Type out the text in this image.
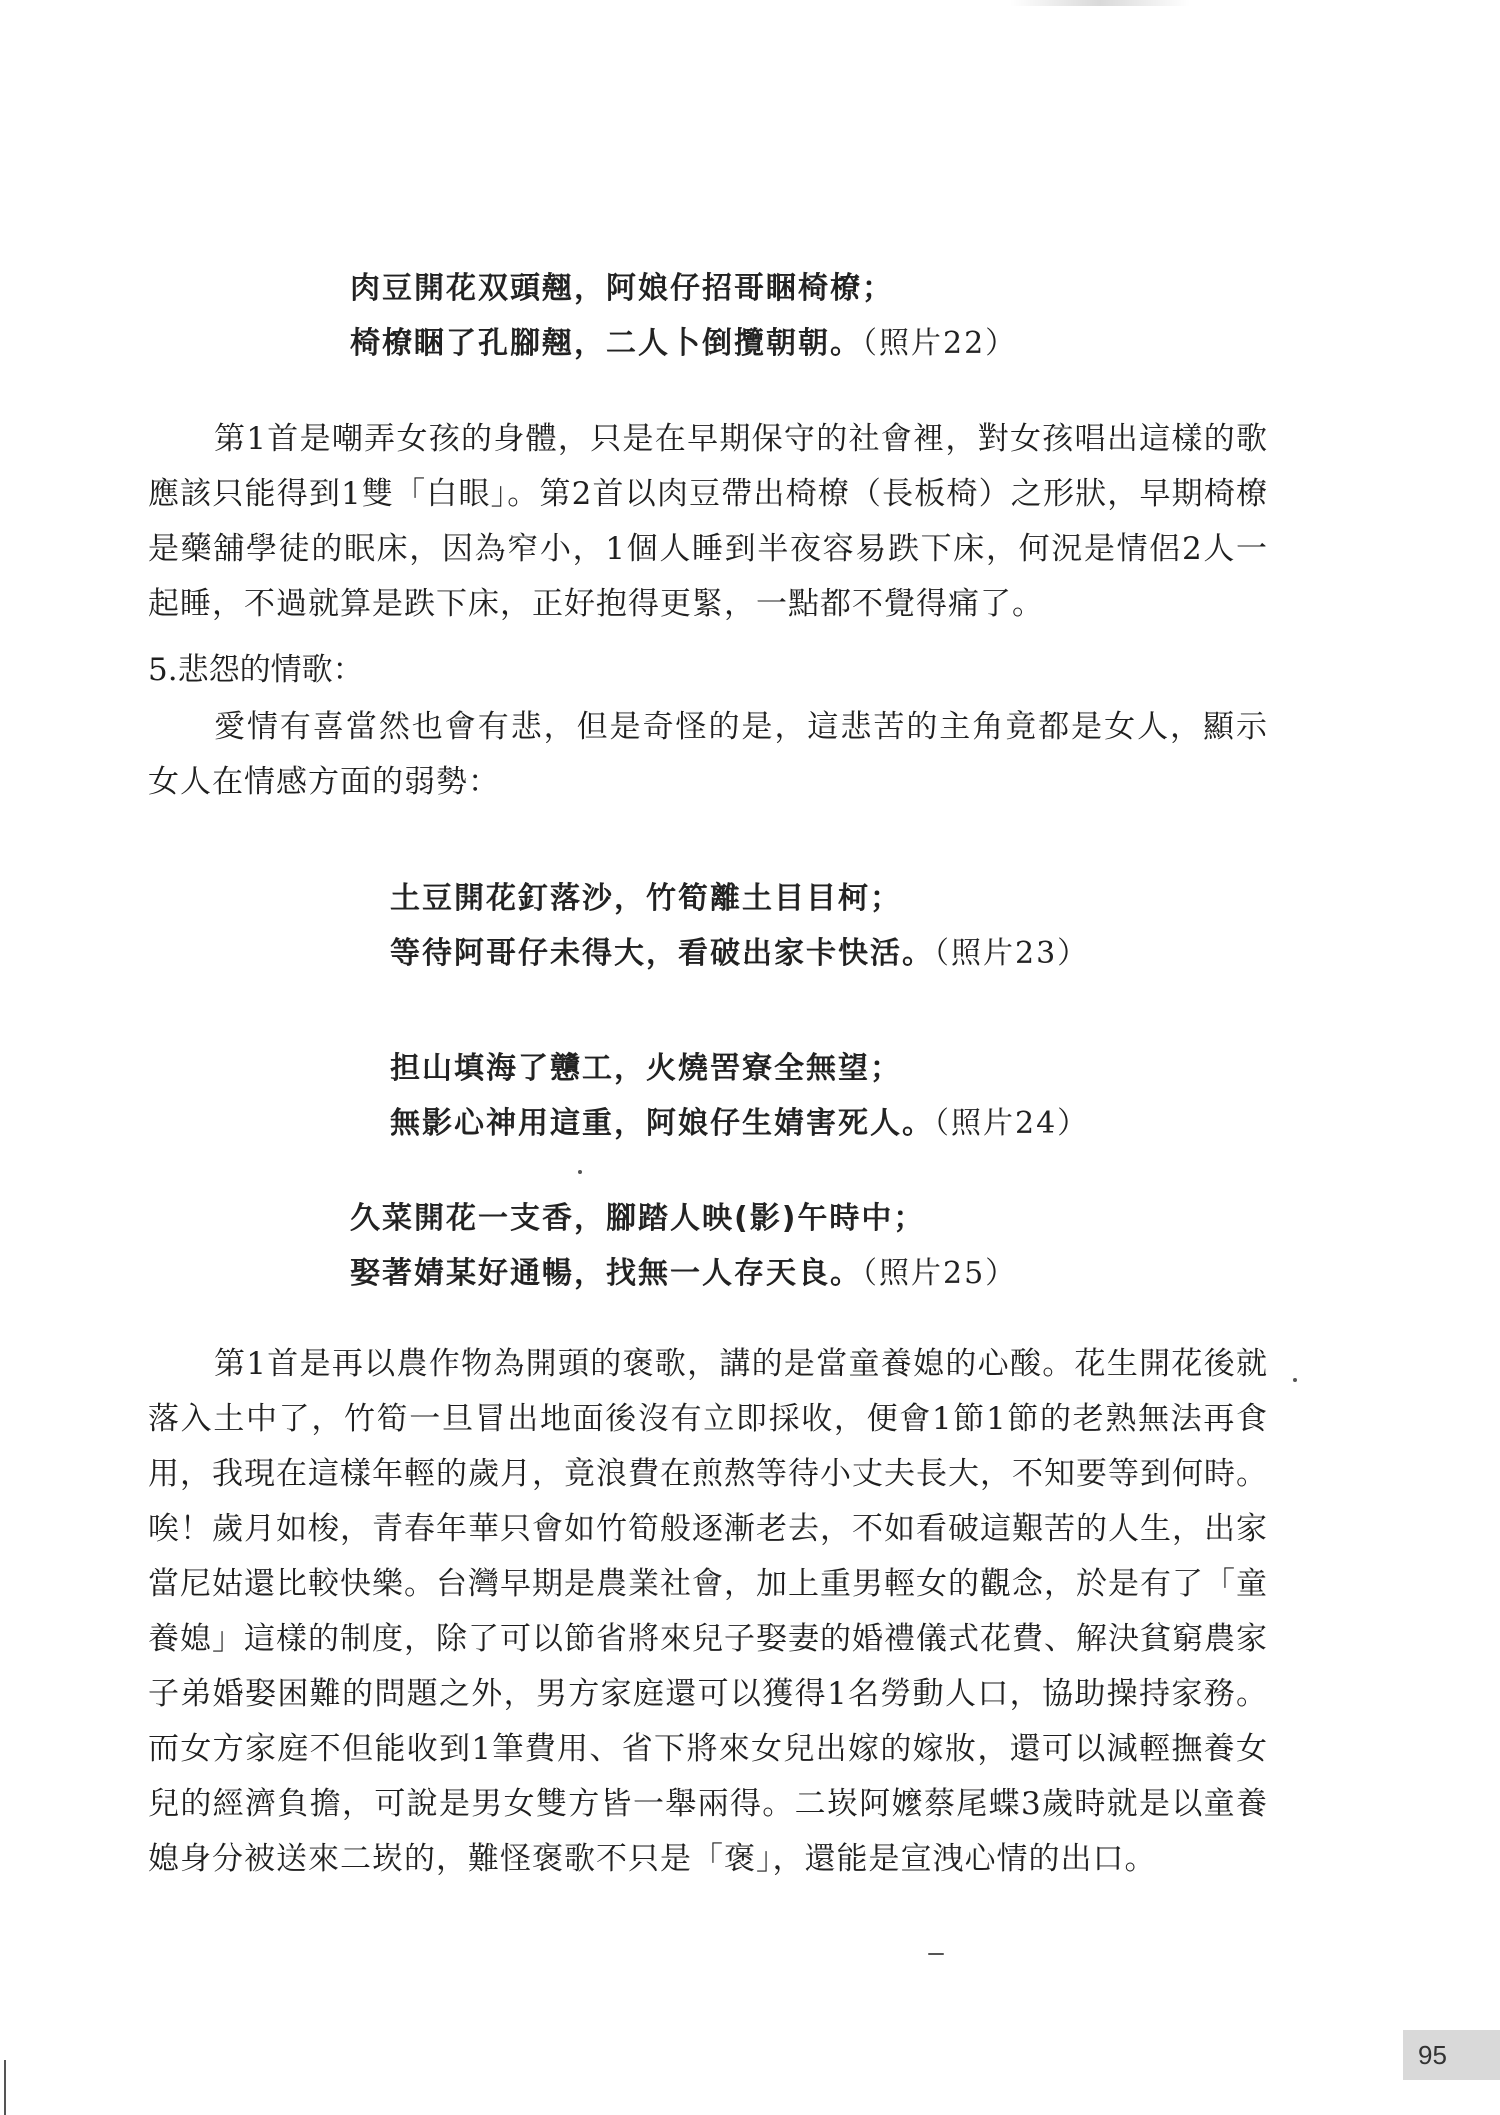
肉豆開花双頭翹，阿娘仔招哥睏椅橑；
椅橑睏了孔腳翹，二人卜倒攬朝朝。（照片22）

第1首是嘲弄女孩的身體，只是在早期保守的社會裡，對女孩唱出這樣的歌應該只能得到1雙「白眼」。第2首以肉豆帶出椅橑（長板椅）之形狀，早期椅橑是藥舖學徒的眠床，因為窄小，1個人睡到半夜容易跌下床，何況是情侶2人一起睡，不過就算是跌下床，正好抱得更緊，一點都不覺得痛了。

5.悲怨的情歌：

愛情有喜當然也會有悲，但是奇怪的是，這悲苦的主角竟都是女人，顯示女人在情感方面的弱勢：

土豆開花釘落沙，竹筍離土目目柯；
等待阿哥仔未得大，看破出家卡快活。（照片23）
担山填海了戇工，火燒罟寮全無望；
無影心神用這重，阿娘仔生婧害死人。（照片24）
久菜開花一支香，腳踏人映(影)午時中；
娶著婧某好通暢，找無一人存天良。（照片25）

第1首是再以農作物為開頭的褒歌，講的是當童養媳的心酸。花生開花後就落入土中了，竹筍一旦冒出地面後沒有立即採收，便會1節1節的老熟無法再食用，我現在這樣年輕的歲月，竟浪費在煎熬等待小丈夫長大，不知要等到何時。唉！歲月如梭，青春年華只會如竹筍般逐漸老去，不如看破這艱苦的人生，出家當尼姑還比較快樂。台灣早期是農業社會，加上重男輕女的觀念，於是有了「童養媳」這樣的制度，除了可以節省將來兒子娶妻的婚禮儀式花費、解決貧窮農家子弟婚娶困難的問題之外，男方家庭還可以獲得1名勞動人口，協助操持家務。而女方家庭不但能收到1筆費用、省下將來女兒出嫁的嫁妝，還可以減輕撫養女兒的經濟負擔，可說是男女雙方皆一舉兩得。二崁阿嬤蔡尾蝶3歲時就是以童養媳身分被送來二崁的，難怪褒歌不只是「褒」，還能是宣洩心情的出口。

95
